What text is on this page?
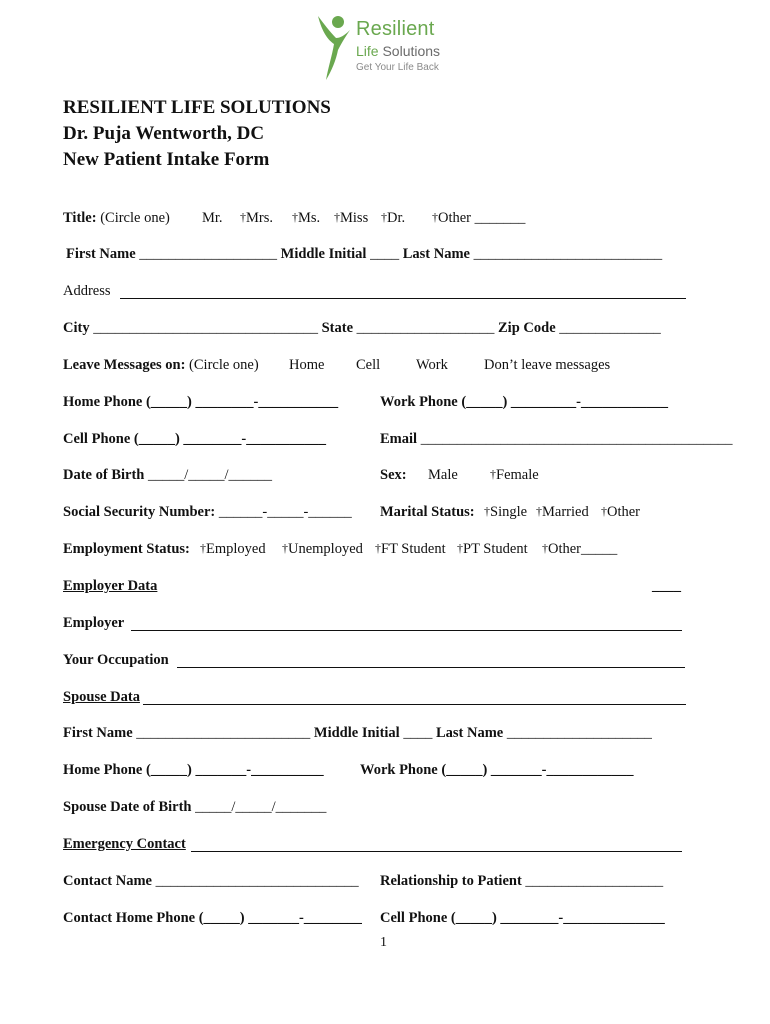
Resilient
Life Solutions
Get Your Life Back
RESILIENT LIFE SOLUTIONS
Dr. Puja Wentworth, DC
New Patient Intake Form
Title: (Circle one) Mr. †Mrs. †Ms. †Miss †Dr. †Other _______
First Name ___________________ Middle Initial ____ Last Name __________________________
Address
City _______________________________ State ___________________ Zip Code ______________
Leave Messages on: (Circle one) Home Cell Work Don’t leave messages
Home Phone (_____) ________-___________	Work Phone (_____) _________-____________
Cell Phone (_____) ________-___________	Email ___________________________________________
Date of Birth _____/_____/______	Sex: Male	†Female
Social Security Number: ______-_____-______ Marital Status: †Single †Married †Other
Employment Status: †Employed †Unemployed †FT Student †PT Student †Other_____
Employer Data	____
Employer
Your Occupation
Spouse Data
First Name ________________________ Middle Initial ____ Last Name ____________________
Home Phone (_____) _______-__________	Work Phone (_____) _______-____________
Spouse Date of Birth _____/_____/_______
Emergency Contact
Contact Name ____________________________ Relationship to Patient ___________________
Contact Home Phone (_____) _______-________ Cell Phone (_____) ________-______________
1
